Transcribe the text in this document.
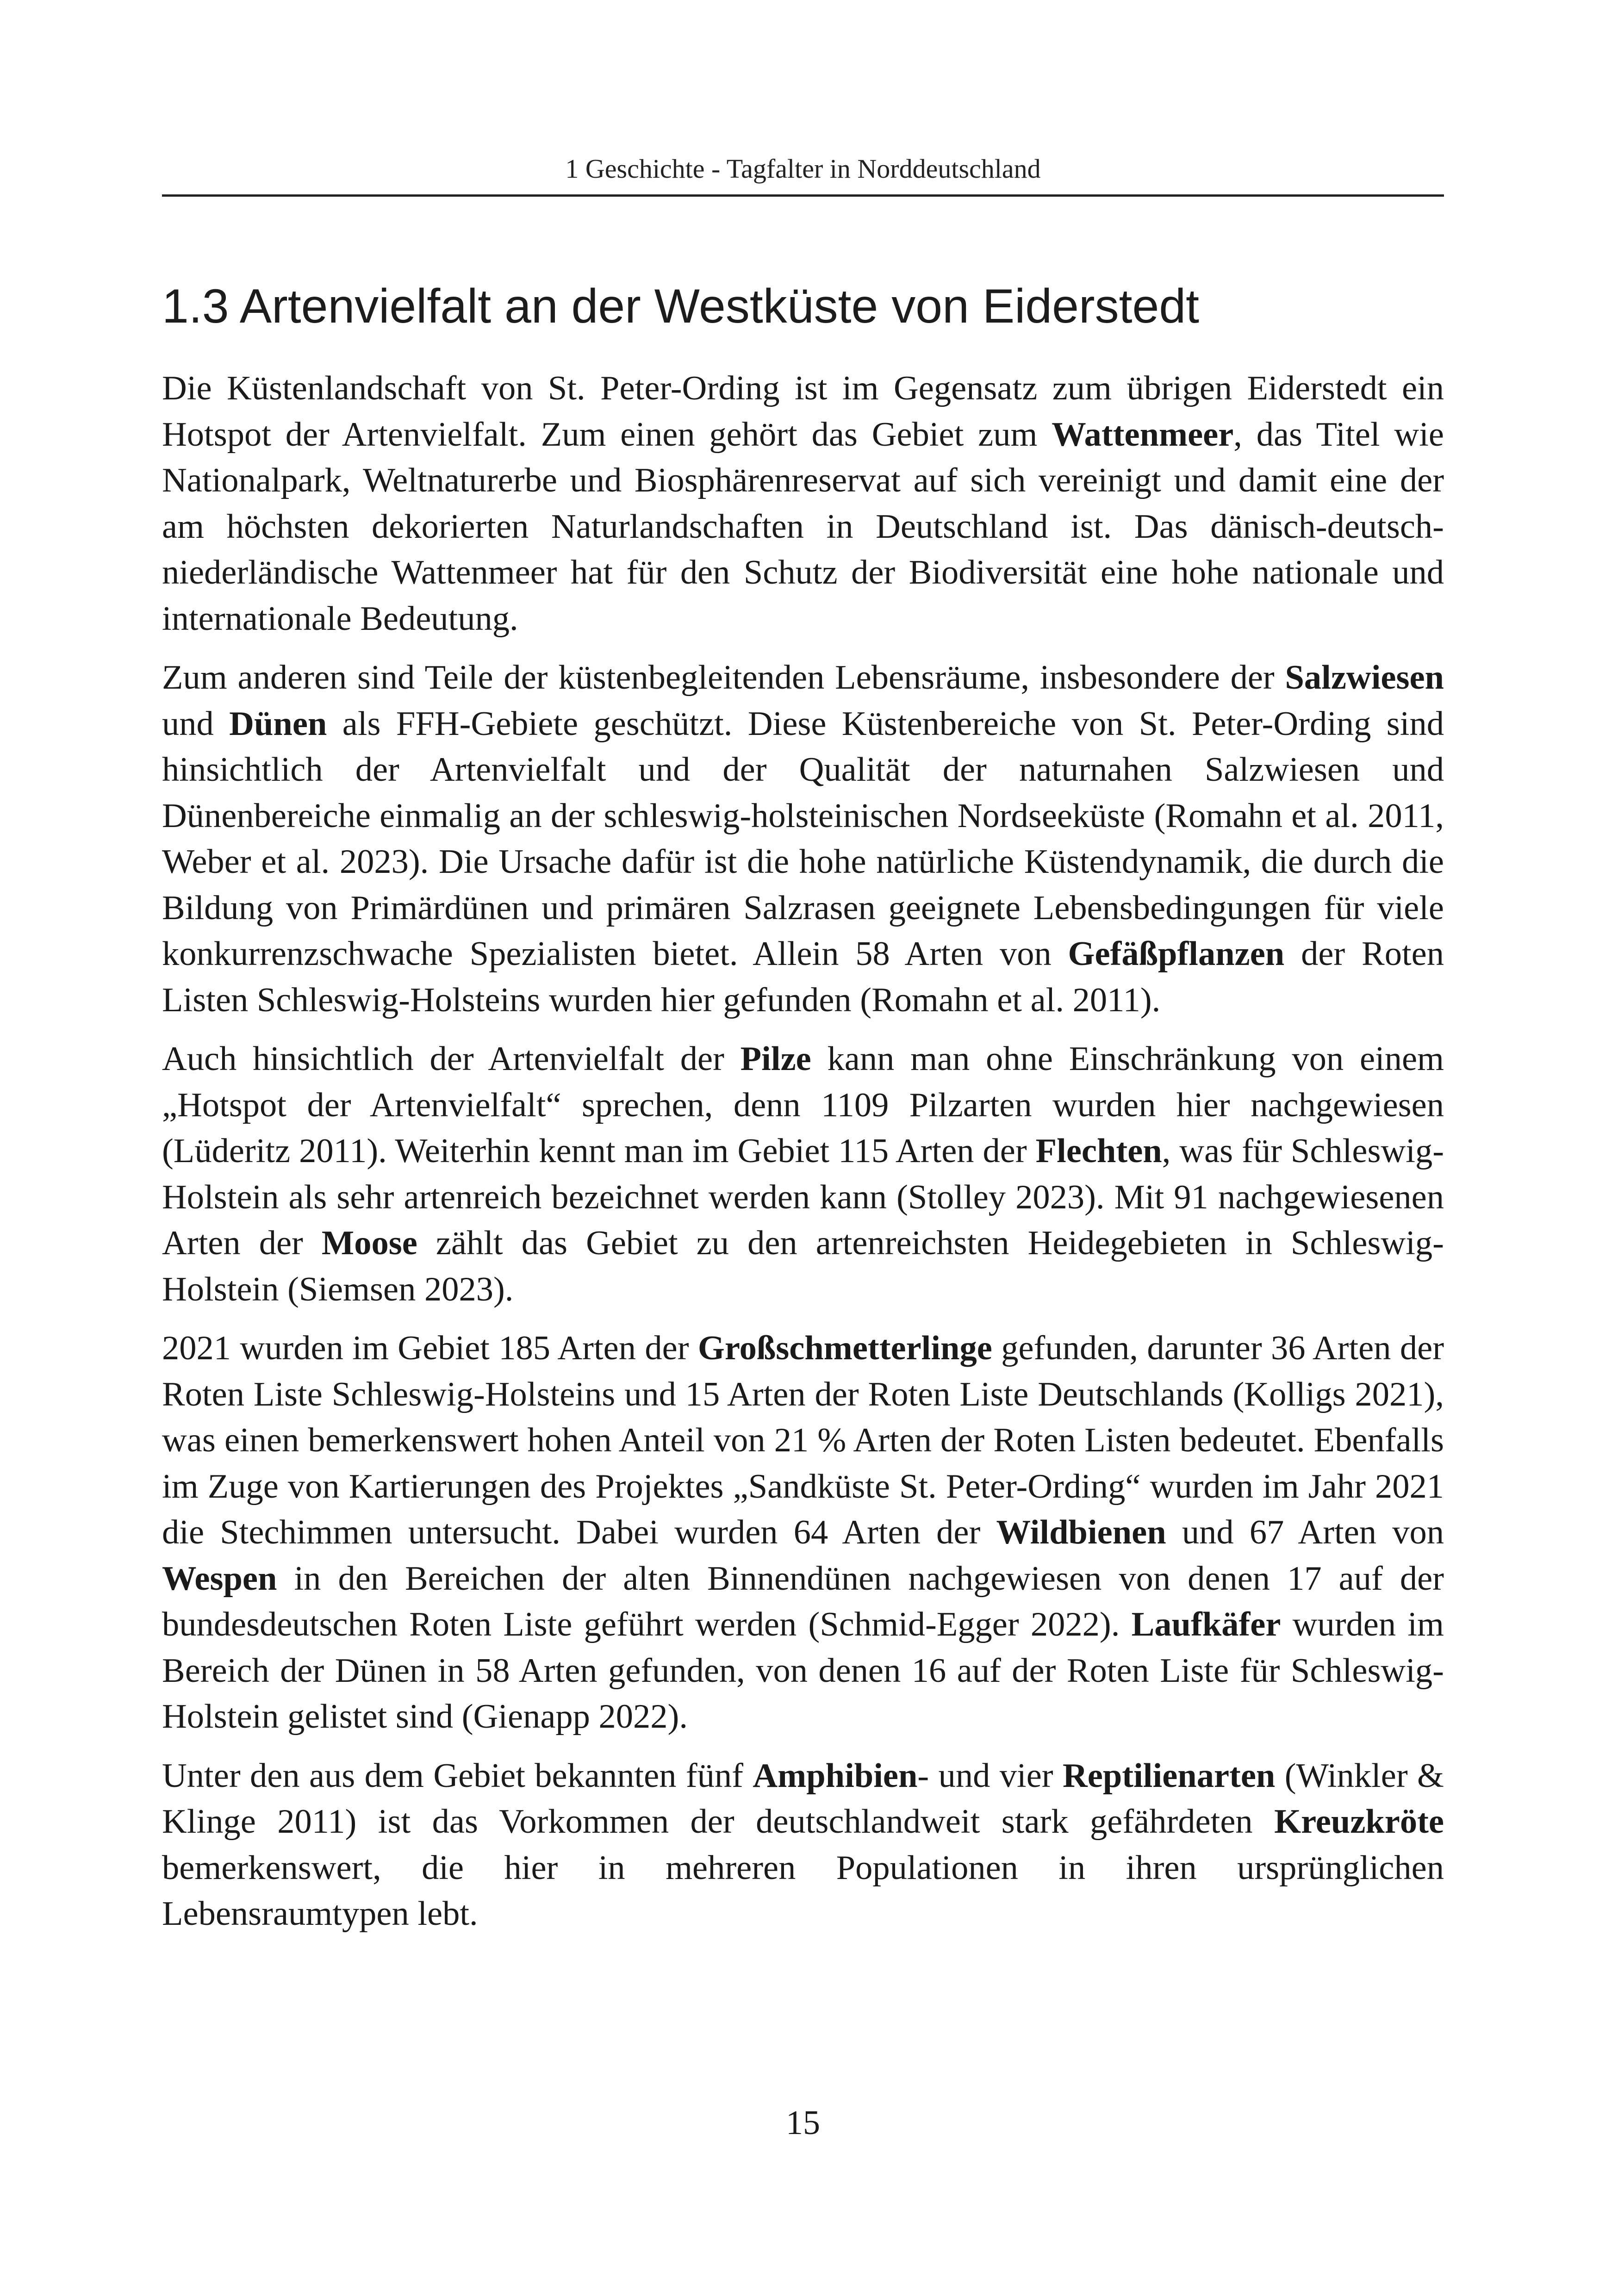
1 Geschichte - Tagfalter in Norddeutschland
1.3 Artenvielfalt an der Westküste von Eiderstedt

Die Küstenlandschaft von St. Peter-Ording ist im Gegensatz zum übrigen Eiderstedt ein Hotspot der Artenvielfalt. Zum einen gehört das Gebiet zum Wattenmeer, das Titel wie Nationalpark, Weltnaturerbe und Biosphärenreservat auf sich vereinigt und damit eine der am höchsten dekorierten Naturlandschaften in Deutschland ist. Das dänisch-deutsch-niederländische Wattenmeer hat für den Schutz der Biodiversität eine hohe nationale und internationale Bedeutung.

Zum anderen sind Teile der küstenbegleitenden Lebensräume, insbesondere der Salzwiesen und Dünen als FFH-Gebiete geschützt. Diese Küstenbereiche von St. Peter-Ording sind hinsichtlich der Artenvielfalt und der Qualität der naturnahen Salzwiesen und Dünenbereiche einmalig an der schleswig-holsteinischen Nordseeküste (Romahn et al. 2011, Weber et al. 2023). Die Ursache dafür ist die hohe natürliche Küstendynamik, die durch die Bildung von Primärdünen und primären Salzrasen geeignete Lebensbedingungen für viele konkurrenzschwache Spezialisten bietet. Allein 58 Arten von Gefäßpflanzen der Roten Listen Schleswig-Holsteins wurden hier gefunden (Romahn et al. 2011).

Auch hinsichtlich der Artenvielfalt der Pilze kann man ohne Einschränkung von einem „Hotspot der Artenvielfalt“ sprechen, denn 1109 Pilzarten wurden hier nachgewiesen (Lüderitz 2011). Weiterhin kennt man im Gebiet 115 Arten der Flechten, was für Schleswig-Holstein als sehr artenreich bezeichnet werden kann (Stolley 2023). Mit 91 nachgewiesenen Arten der Moose zählt das Gebiet zu den artenreichsten Heidegebieten in Schleswig-Holstein (Siemsen 2023).

2021 wurden im Gebiet 185 Arten der Großschmetterlinge gefunden, darunter 36 Arten der Roten Liste Schleswig-Holsteins und 15 Arten der Roten Liste Deutschlands (Kolligs 2021), was einen bemerkenswert hohen Anteil von 21 % Arten der Roten Listen bedeutet. Ebenfalls im Zuge von Kartierungen des Projektes „Sandküste St. Peter-Ording“ wurden im Jahr 2021 die Stechimmen untersucht. Dabei wurden 64 Arten der Wildbienen und 67 Arten von Wespen in den Bereichen der alten Binnendünen nachgewiesen von denen 17 auf der bundesdeutschen Roten Liste geführt werden (Schmid-Egger 2022). Laufkäfer wurden im Bereich der Dünen in 58 Arten gefunden, von denen 16 auf der Roten Liste für Schleswig-Holstein gelistet sind (Gienapp 2022).

Unter den aus dem Gebiet bekannten fünf Amphibien- und vier Reptilienarten (Winkler & Klinge 2011) ist das Vorkommen der deutschlandweit stark gefährdeten Kreuzkröte bemerkenswert, die hier in mehreren Populationen in ihren ursprünglichen Lebensraumtypen lebt.

15
